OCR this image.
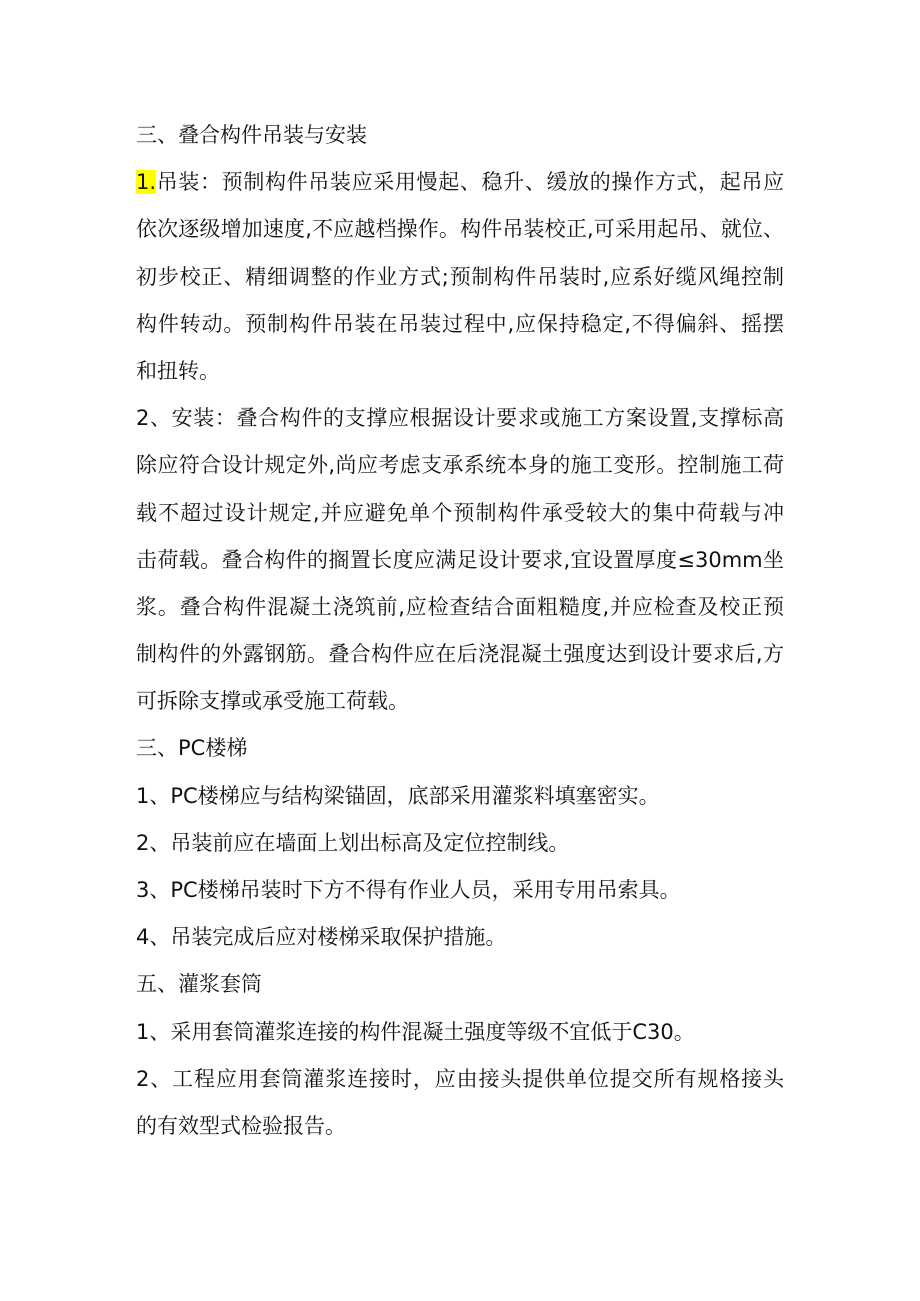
三、叠合构件吊装与安装
1.吊装：预制构件吊装应采用慢起、稳升、缓放的操作方式，起吊应
依次逐级增加速度,不应越档操作。构件吊装校正,可采用起吊、就位、
初步校正、精细调整的作业方式;预制构件吊装时,应系好缆风绳控制
构件转动。预制构件吊装在吊装过程中,应保持稳定,不得偏斜、摇摆
和扭转。
2、安装：叠合构件的支撑应根据设计要求或施工方案设置,支撑标高
除应符合设计规定外,尚应考虑支承系统本身的施工变形。控制施工荷
载不超过设计规定,并应避免单个预制构件承受较大的集中荷载与冲
击荷载。叠合构件的搁置长度应满足设计要求,宜设置厚度≤30mm坐
浆。叠合构件混凝土浇筑前,应检查结合面粗糙度,并应检查及校正预
制构件的外露钢筋。叠合构件应在后浇混凝土强度达到设计要求后,方
可拆除支撑或承受施工荷载。
三、PC楼梯
1、PC楼梯应与结构梁锚固，底部采用灌浆料填塞密实。
2、吊装前应在墙面上划出标高及定位控制线。
3、PC楼梯吊装时下方不得有作业人员，采用专用吊索具。
4、吊装完成后应对楼梯采取保护措施。
五、灌浆套筒
1、采用套筒灌浆连接的构件混凝土强度等级不宜低于C30。
2、工程应用套筒灌浆连接时，应由接头提供单位提交所有规格接头
的有效型式检验报告。
